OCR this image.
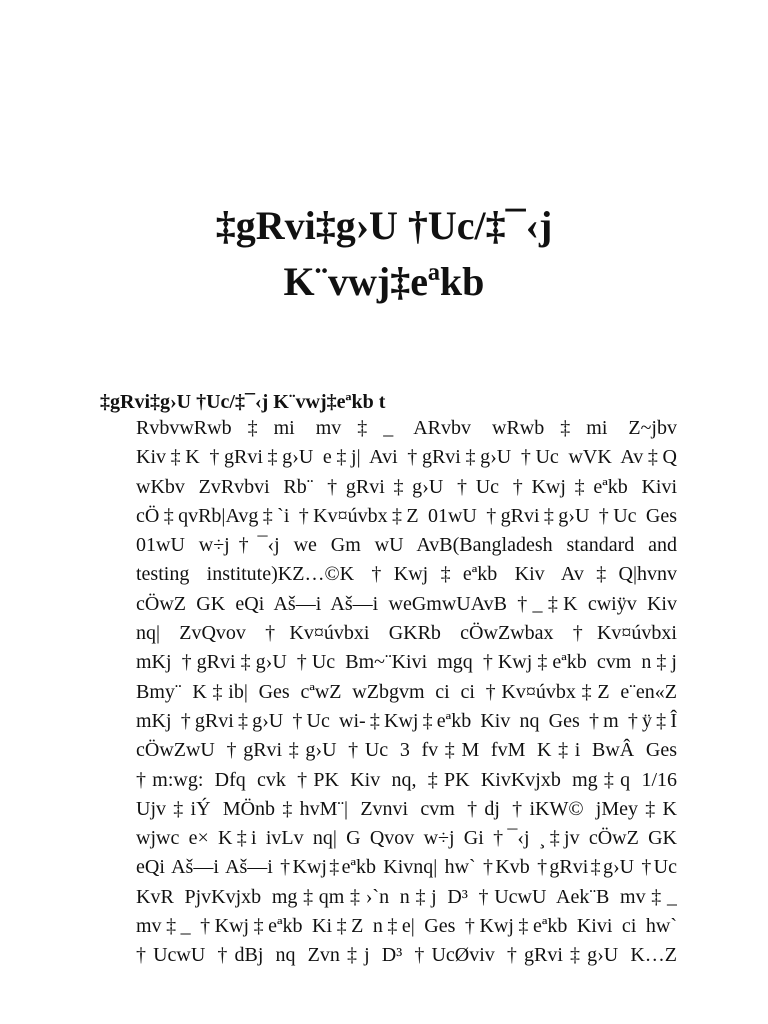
‡gRvi‡g›U †Uc/‡¯‹j
K¨vwj‡eªkb
‡gRvi‡g›U †Uc/‡¯‹j K¨vwj‡eªkb t
RvbvwRwb‡mi mv‡_ ARvbv wRwb‡mi Z~jbv
Kiv‡K †gRvi‡g›U e‡j| Avi †gRvi‡g›U †Uc wVK Av‡Q
wKbv ZvRvbvi Rb¨ †gRvi‡g›U †Uc †Kwj‡eªkb Kivi
cÖ‡qvRb|Avg‡`i †Kv¤úvbx‡Z 01wU †gRvi‡g›U †Uc Ges
01wU w÷j†¯‹j we Gm wU AvB(Bangladesh standard and
testing institute)KZ…©K †Kwj‡eªkb Kiv Av‡Q|hvnv
cÖwZ GK eQi Aš—i Aš—i weGmwUAvB †_‡K cwiÿv Kiv
nq| ZvQvov †Kv¤úvbxi GKRb cÖwZwbax †Kv¤úvbxi
mKj †gRvi‡g›U †Uc Bm~¨Kivi mgq †Kwj‡eªkb cvm n‡j
Bmy¨ K‡ib| Ges cªwZ wZbgvm ci ci †Kv¤úvbx‡Z e¨en«Z
mKj †gRvi‡g›U †Uc wi-‡Kwj‡eªkb Kiv nq Ges †m †ÿ‡Î
cÖwZwU †gRvi‡g›U †Uc 3 fv‡M fvM K‡i BwÂ Ges
†m:wg: Dfq cvk †PK Kiv nq, ‡PK KivKvjxb mg‡q 1/16
Ujv‡iÝ MÖnb‡hvM¨| Zvnvi cvm †dj †iKW© jMey‡K
wjwc e× K‡i ivLv nq| G Qvov w÷j Gi †¯‹j ¸‡jv cÖwZ GK
eQi Aš—i Aš—i †Kwj‡eªkb Kivnq| hw` †Kvb †gRvi‡g›U †Uc
KvR PjvKvjxb mg‡qm‡›`n n‡j D³ †UcwU Aek¨B mv‡_
mv‡_ †Kwj‡eªkb Ki‡Z n‡e| Ges †Kwj‡eªkb Kivi ci hw`
†UcwU †dBj nq Zvn‡j D³ †UcØviv †gRvi‡g›U K…Z
